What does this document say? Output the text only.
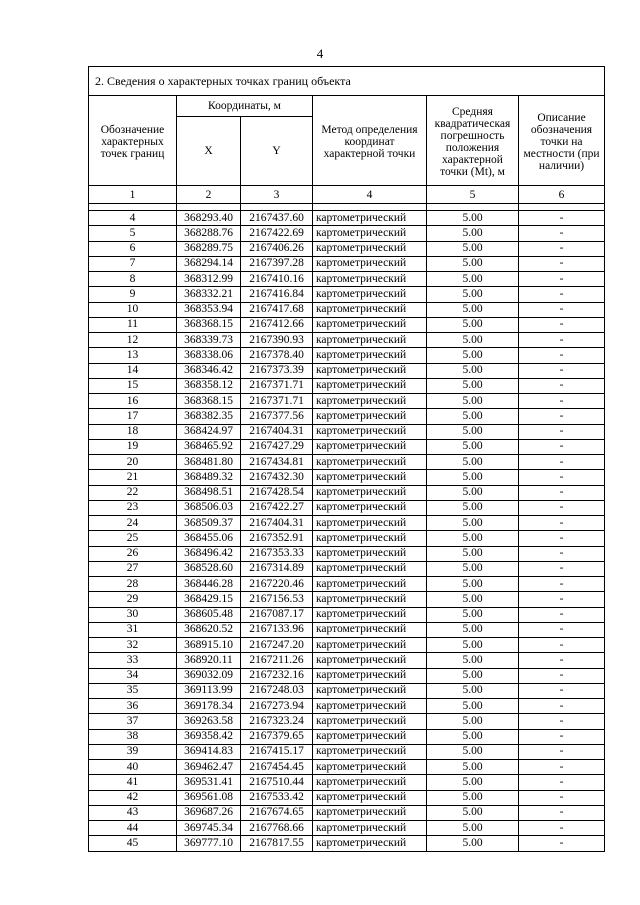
4
2. Сведения о характерных точках границ объекта					
Обозначение характерных точек границ	Координаты, м		Метод определения координат характерной точки	Средняя квадратическая погрешность положения характерной точки (Mt), м	Описание обозначения точки на местности (при наличии)
	X	Y			
1	2	3	4	5	6

4	368293.40	2167437.60	картометрический	5.00	-
5	368288.76	2167422.69	картометрический	5.00	-
6	368289.75	2167406.26	картометрический	5.00	-
7	368294.14	2167397.28	картометрический	5.00	-
8	368312.99	2167410.16	картометрический	5.00	-
9	368332.21	2167416.84	картометрический	5.00	-
10	368353.94	2167417.68	картометрический	5.00	-
11	368368.15	2167412.66	картометрический	5.00	-
12	368339.73	2167390.93	картометрический	5.00	-
13	368338.06	2167378.40	картометрический	5.00	-
14	368346.42	2167373.39	картометрический	5.00	-
15	368358.12	2167371.71	картометрический	5.00	-
16	368368.15	2167371.71	картометрический	5.00	-
17	368382.35	2167377.56	картометрический	5.00	-
18	368424.97	2167404.31	картометрический	5.00	-
19	368465.92	2167427.29	картометрический	5.00	-
20	368481.80	2167434.81	картометрический	5.00	-
21	368489.32	2167432.30	картометрический	5.00	-
22	368498.51	2167428.54	картометрический	5.00	-
23	368506.03	2167422.27	картометрический	5.00	-
24	368509.37	2167404.31	картометрический	5.00	-
25	368455.06	2167352.91	картометрический	5.00	-
26	368496.42	2167353.33	картометрический	5.00	-
27	368528.60	2167314.89	картометрический	5.00	-
28	368446.28	2167220.46	картометрический	5.00	-
29	368429.15	2167156.53	картометрический	5.00	-
30	368605.48	2167087.17	картометрический	5.00	-
31	368620.52	2167133.96	картометрический	5.00	-
32	368915.10	2167247.20	картометрический	5.00	-
33	368920.11	2167211.26	картометрический	5.00	-
34	369032.09	2167232.16	картометрический	5.00	-
35	369113.99	2167248.03	картометрический	5.00	-
36	369178.34	2167273.94	картометрический	5.00	-
37	369263.58	2167323.24	картометрический	5.00	-
38	369358.42	2167379.65	картометрический	5.00	-
39	369414.83	2167415.17	картометрический	5.00	-
40	369462.47	2167454.45	картометрический	5.00	-
41	369531.41	2167510.44	картометрический	5.00	-
42	369561.08	2167533.42	картометрический	5.00	-
43	369687.26	2167674.65	картометрический	5.00	-
44	369745.34	2167768.66	картометрический	5.00	-
45	369777.10	2167817.55	картометрический	5.00	-
